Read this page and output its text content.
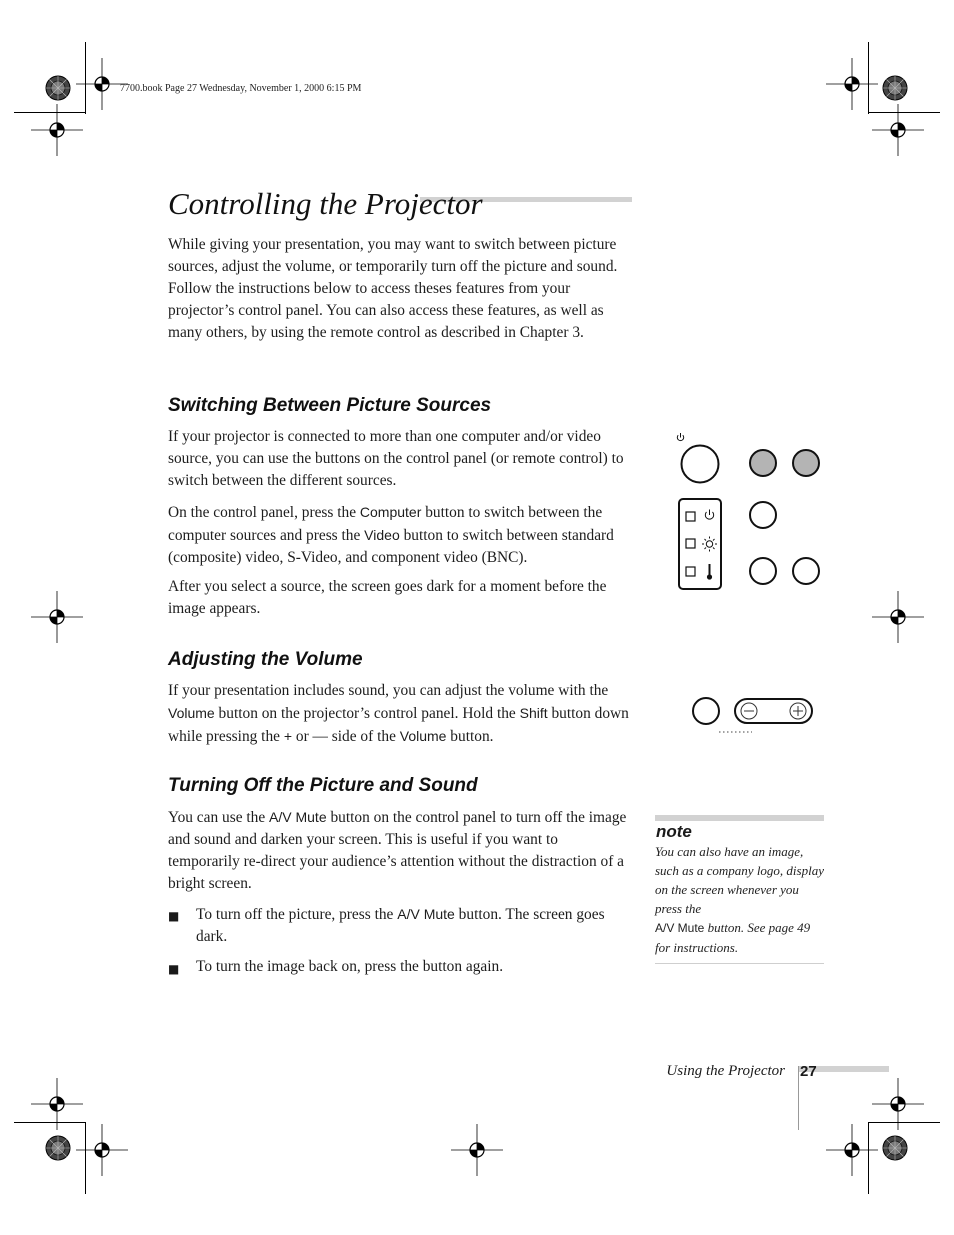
7700.book Page 27 Wednesday, November 1, 2000 6:15 PM
Controlling the Projector

While giving your presentation, you may want to switch between picture sources, adjust the volume, or temporarily turn off the picture and sound. Follow the instructions below to access theses features from your projector’s control panel. You can also access these features, as well as many others, by using the remote control as described in Chapter 3.

Switching Between Picture Sources

If your projector is connected to more than one computer and/or video source, you can use the buttons on the control panel (or remote control) to switch between the different sources.

On the control panel, press the Computer button to switch between the computer sources and press the Video button to switch between standard (composite) video, S-Video, and component video (BNC).

After you select a source, the screen goes dark for a moment before the image appears.

Adjusting the Volume

If your presentation includes sound, you can adjust the volume with the Volume button on the projector’s control panel. Hold the Shift button down while pressing the + or — side of the Volume button.

Turning Off the Picture and Sound

You can use the A/V Mute button on the control panel to turn off the image and sound and darken your screen. This is useful if you want to temporarily re-direct your audience’s attention without the distraction of a bright screen.

■ To turn off the picture, press the A/V Mute button. The screen goes dark.

■ To turn the image back on, press the button again.

note

You can also have an image, such as a company logo, display on the screen whenever you press the
A/V Mute button. See page 49 for instructions.

Using the Projector 27
